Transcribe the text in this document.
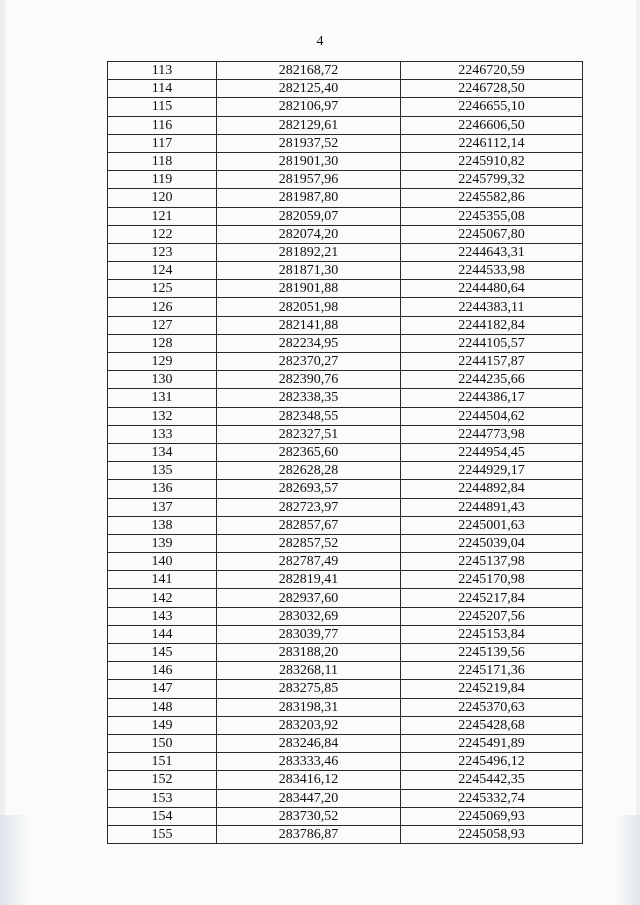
4
113	282168,72	2246720,59
114	282125,40	2246728,50
115	282106,97	2246655,10
116	282129,61	2246606,50
117	281937,52	2246112,14
118	281901,30	2245910,82
119	281957,96	2245799,32
120	281987,80	2245582,86
121	282059,07	2245355,08
122	282074,20	2245067,80
123	281892,21	2244643,31
124	281871,30	2244533,98
125	281901,88	2244480,64
126	282051,98	2244383,11
127	282141,88	2244182,84
128	282234,95	2244105,57
129	282370,27	2244157,87
130	282390,76	2244235,66
131	282338,35	2244386,17
132	282348,55	2244504,62
133	282327,51	2244773,98
134	282365,60	2244954,45
135	282628,28	2244929,17
136	282693,57	2244892,84
137	282723,97	2244891,43
138	282857,67	2245001,63
139	282857,52	2245039,04
140	282787,49	2245137,98
141	282819,41	2245170,98
142	282937,60	2245217,84
143	283032,69	2245207,56
144	283039,77	2245153,84
145	283188,20	2245139,56
146	283268,11	2245171,36
147	283275,85	2245219,84
148	283198,31	2245370,63
149	283203,92	2245428,68
150	283246,84	2245491,89
151	283333,46	2245496,12
152	283416,12	2245442,35
153	283447,20	2245332,74
154	283730,52	2245069,93
155	283786,87	2245058,93
